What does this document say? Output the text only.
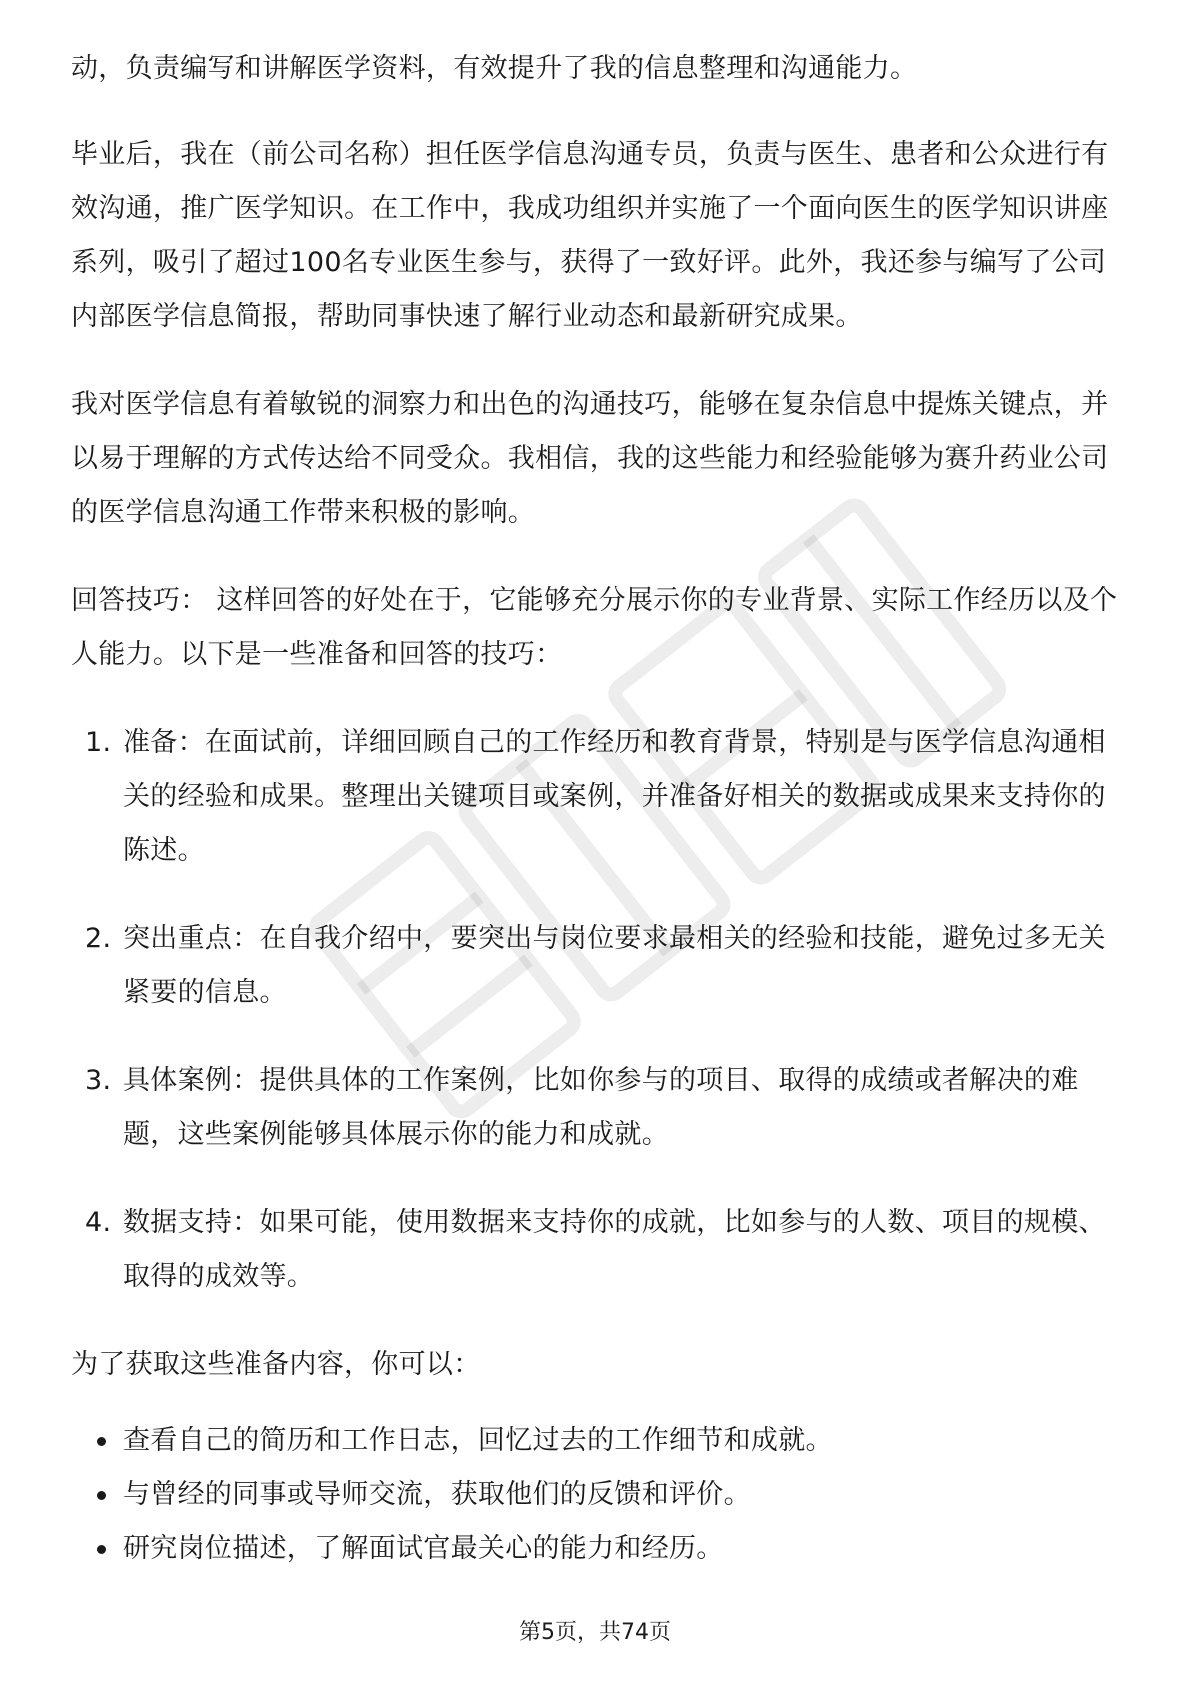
动，负责编写和讲解医学资料，有效提升了我的信息整理和沟通能力。

毕业后，我在（前公司名称）担任医学信息沟通专员，负责与医生、患者和公众进行有效沟通，推广医学知识。在工作中，我成功组织并实施了一个面向医生的医学知识讲座系列，吸引了超过100名专业医生参与，获得了一致好评。此外，我还参与编写了公司内部医学信息简报，帮助同事快速了解行业动态和最新研究成果。

我对医学信息有着敏锐的洞察力和出色的沟通技巧，能够在复杂信息中提炼关键点，并以易于理解的方式传达给不同受众。我相信，我的这些能力和经验能够为赛升药业公司的医学信息沟通工作带来积极的影响。

回答技巧： 这样回答的好处在于，它能够充分展示你的专业背景、实际工作经历以及个人能力。以下是一些准备和回答的技巧：

1. 准备：在面试前，详细回顾自己的工作经历和教育背景，特别是与医学信息沟通相关的经验和成果。整理出关键项目或案例，并准备好相关的数据或成果来支持你的陈述。
2. 突出重点：在自我介绍中，要突出与岗位要求最相关的经验和技能，避免过多无关紧要的信息。
3. 具体案例：提供具体的工作案例，比如你参与的项目、取得的成绩或者解决的难题，这些案例能够具体展示你的能力和成就。
4. 数据支持：如果可能，使用数据来支持你的成就，比如参与的人数、项目的规模、取得的成效等。

为了获取这些准备内容，你可以：

查看自己的简历和工作日志，回忆过去的工作细节和成就。
与曾经的同事或导师交流，获取他们的反馈和评价。
研究岗位描述，了解面试官最关心的能力和经历。
第5页，共74页
